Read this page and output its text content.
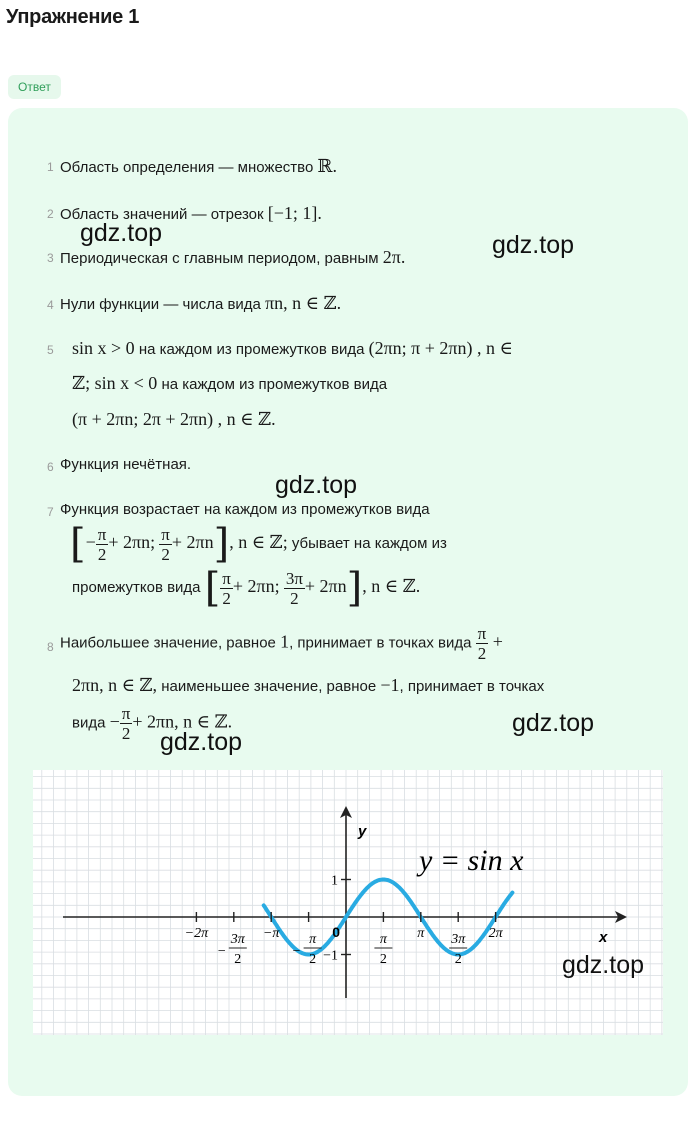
Упражнение 1
Ответ
1 Область определения — множество ℝ.
2 Область значений — отрезок [−1; 1].
3 Периодическая с главным периодом, равным 2π.
4 Нули функции — числа вида πn, n ∈ ℤ.
5	sin x > 0 на каждом из промежутков вида (2πn; π + 2πn) , n ∈
ℤ; sin x < 0 на каждом из промежутков вида
(π + 2πn; 2π + 2πn) , n ∈ ℤ.
6 Функция нечётная.
7 Функция возрастает на каждом из промежутков вида
[− $\frac{\pi}{2} + 2\pi n$; $\frac{\pi}{2} + 2\pi n$], n ∈ ℤ; убывает на каждом из
промежутков вида [ $\frac{\pi}{2} + 2\pi n$; $\frac{3\pi}{2} + 2\pi n$], n ∈ ℤ.
8 Наибольшее значение, равное 1, принимает в точках вида $\frac{\pi}{2}$ +
2πn, n ∈ ℤ, наименьшее значение, равное −1, принимает в точках
вида − $\frac{\pi}{2} + 2\pi n$, n ∈ ℤ.
−2π
−
3π
2
−π
−
π
2
π
2
π 3π
2
2π
1
−1
0
y
x
y = sin x
gdz.top	gdz.top
gdz.top
gdz.top
gdz.top
gdz.top
